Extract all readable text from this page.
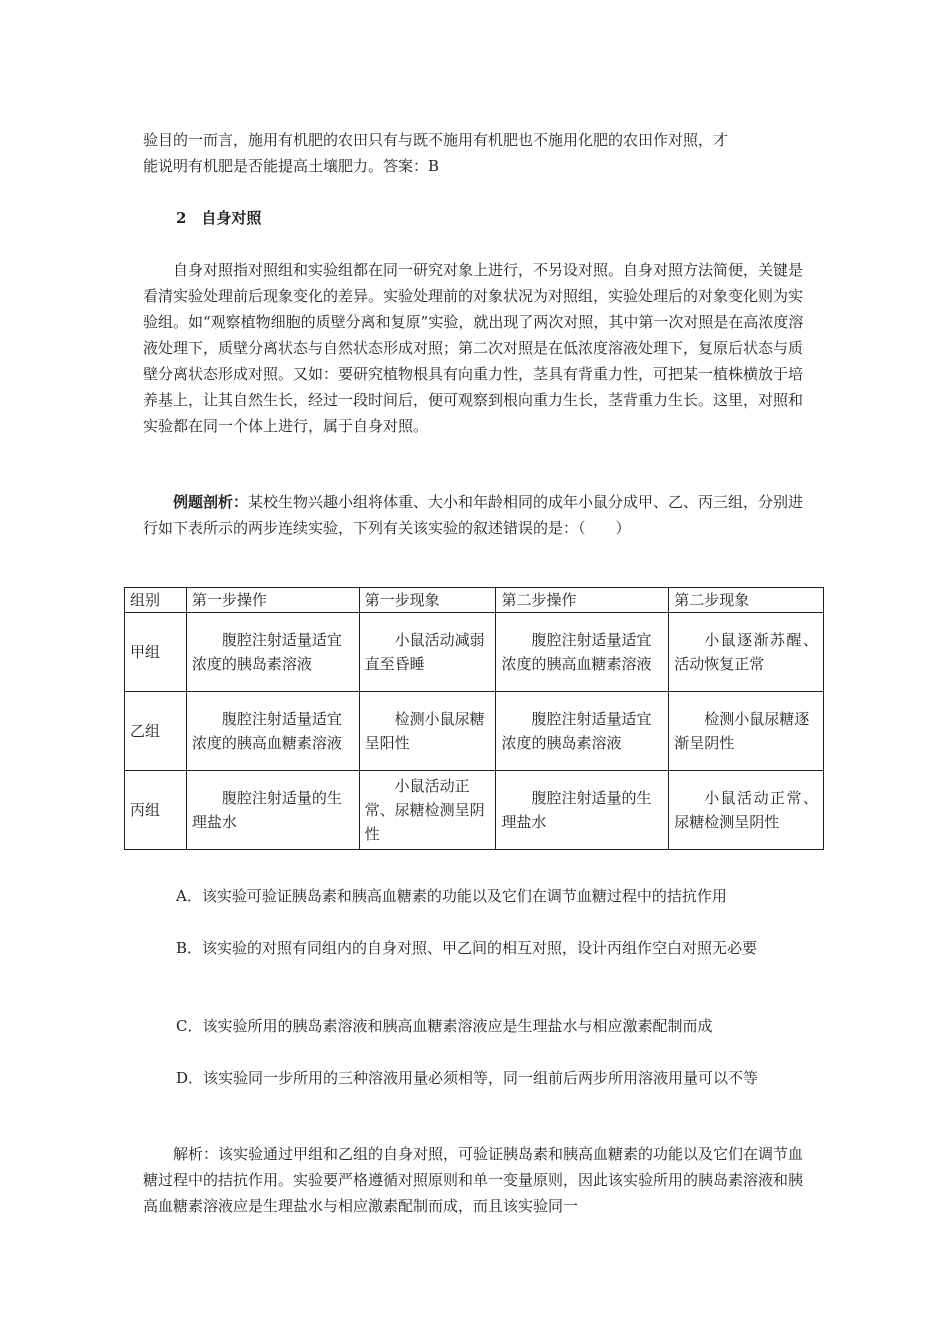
验目的一而言，施用有机肥的农田只有与既不施用有机肥也不施用化肥的农田作对照，才

能说明有机肥是否能提高土壤肥力。答案：B

2　自身对照

自身对照指对照组和实验组都在同一研究对象上进行，不另设对照。自身对照方法简便，关键是看清实验处理前后现象变化的差异。实验处理前的对象状况为对照组，实验处理后的对象变化则为实验组。如“观察植物细胞的质壁分离和复原”实验，就出现了两次对照，其中第一次对照是在高浓度溶液处理下，质壁分离状态与自然状态形成对照；第二次对照是在低浓度溶液处理下，复原后状态与质壁分离状态形成对照。又如：要研究植物根具有向重力性，茎具有背重力性，可把某一植株横放于培养基上，让其自然生长，经过一段时间后，便可观察到根向重力生长，茎背重力生长。这里，对照和实验都在同一个体上进行，属于自身对照。

例题剖析：某校生物兴趣小组将体重、大小和年龄相同的成年小鼠分成甲、乙、丙三组，分别进行如下表所示的两步连续实验，下列有关该实验的叙述错误的是：（　　）

组别	第一步操作	第一步现象	第二步操作	第二步现象
甲组	腹腔注射适量适宜浓度的胰岛素溶液	小鼠活动减弱直至昏睡	腹腔注射适量适宜浓度的胰高血糖素溶液	小鼠逐渐苏醒、活动恢复正常
乙组	腹腔注射适量适宜浓度的胰高血糖素溶液	检测小鼠尿糖呈阳性	腹腔注射适量适宜浓度的胰岛素溶液	检测小鼠尿糖逐渐呈阴性
丙组	腹腔注射适量的生理盐水	小鼠活动正常、尿糖检测呈阴性	腹腔注射适量的生理盐水	小鼠活动正常、尿糖检测呈阴性

A．该实验可验证胰岛素和胰高血糖素的功能以及它们在调节血糖过程中的拮抗作用

B．该实验的对照有同组内的自身对照、甲乙间的相互对照，设计丙组作空白对照无必要

C．该实验所用的胰岛素溶液和胰高血糖素溶液应是生理盐水与相应激素配制而成

D．该实验同一步所用的三种溶液用量必须相等，同一组前后两步所用溶液用量可以不等

解析：该实验通过甲组和乙组的自身对照，可验证胰岛素和胰高血糖素的功能以及它们在调节血糖过程中的拮抗作用。实验要严格遵循对照原则和单一变量原则，因此该实验所用的胰岛素溶液和胰高血糖素溶液应是生理盐水与相应激素配制而成，而且该实验同一
